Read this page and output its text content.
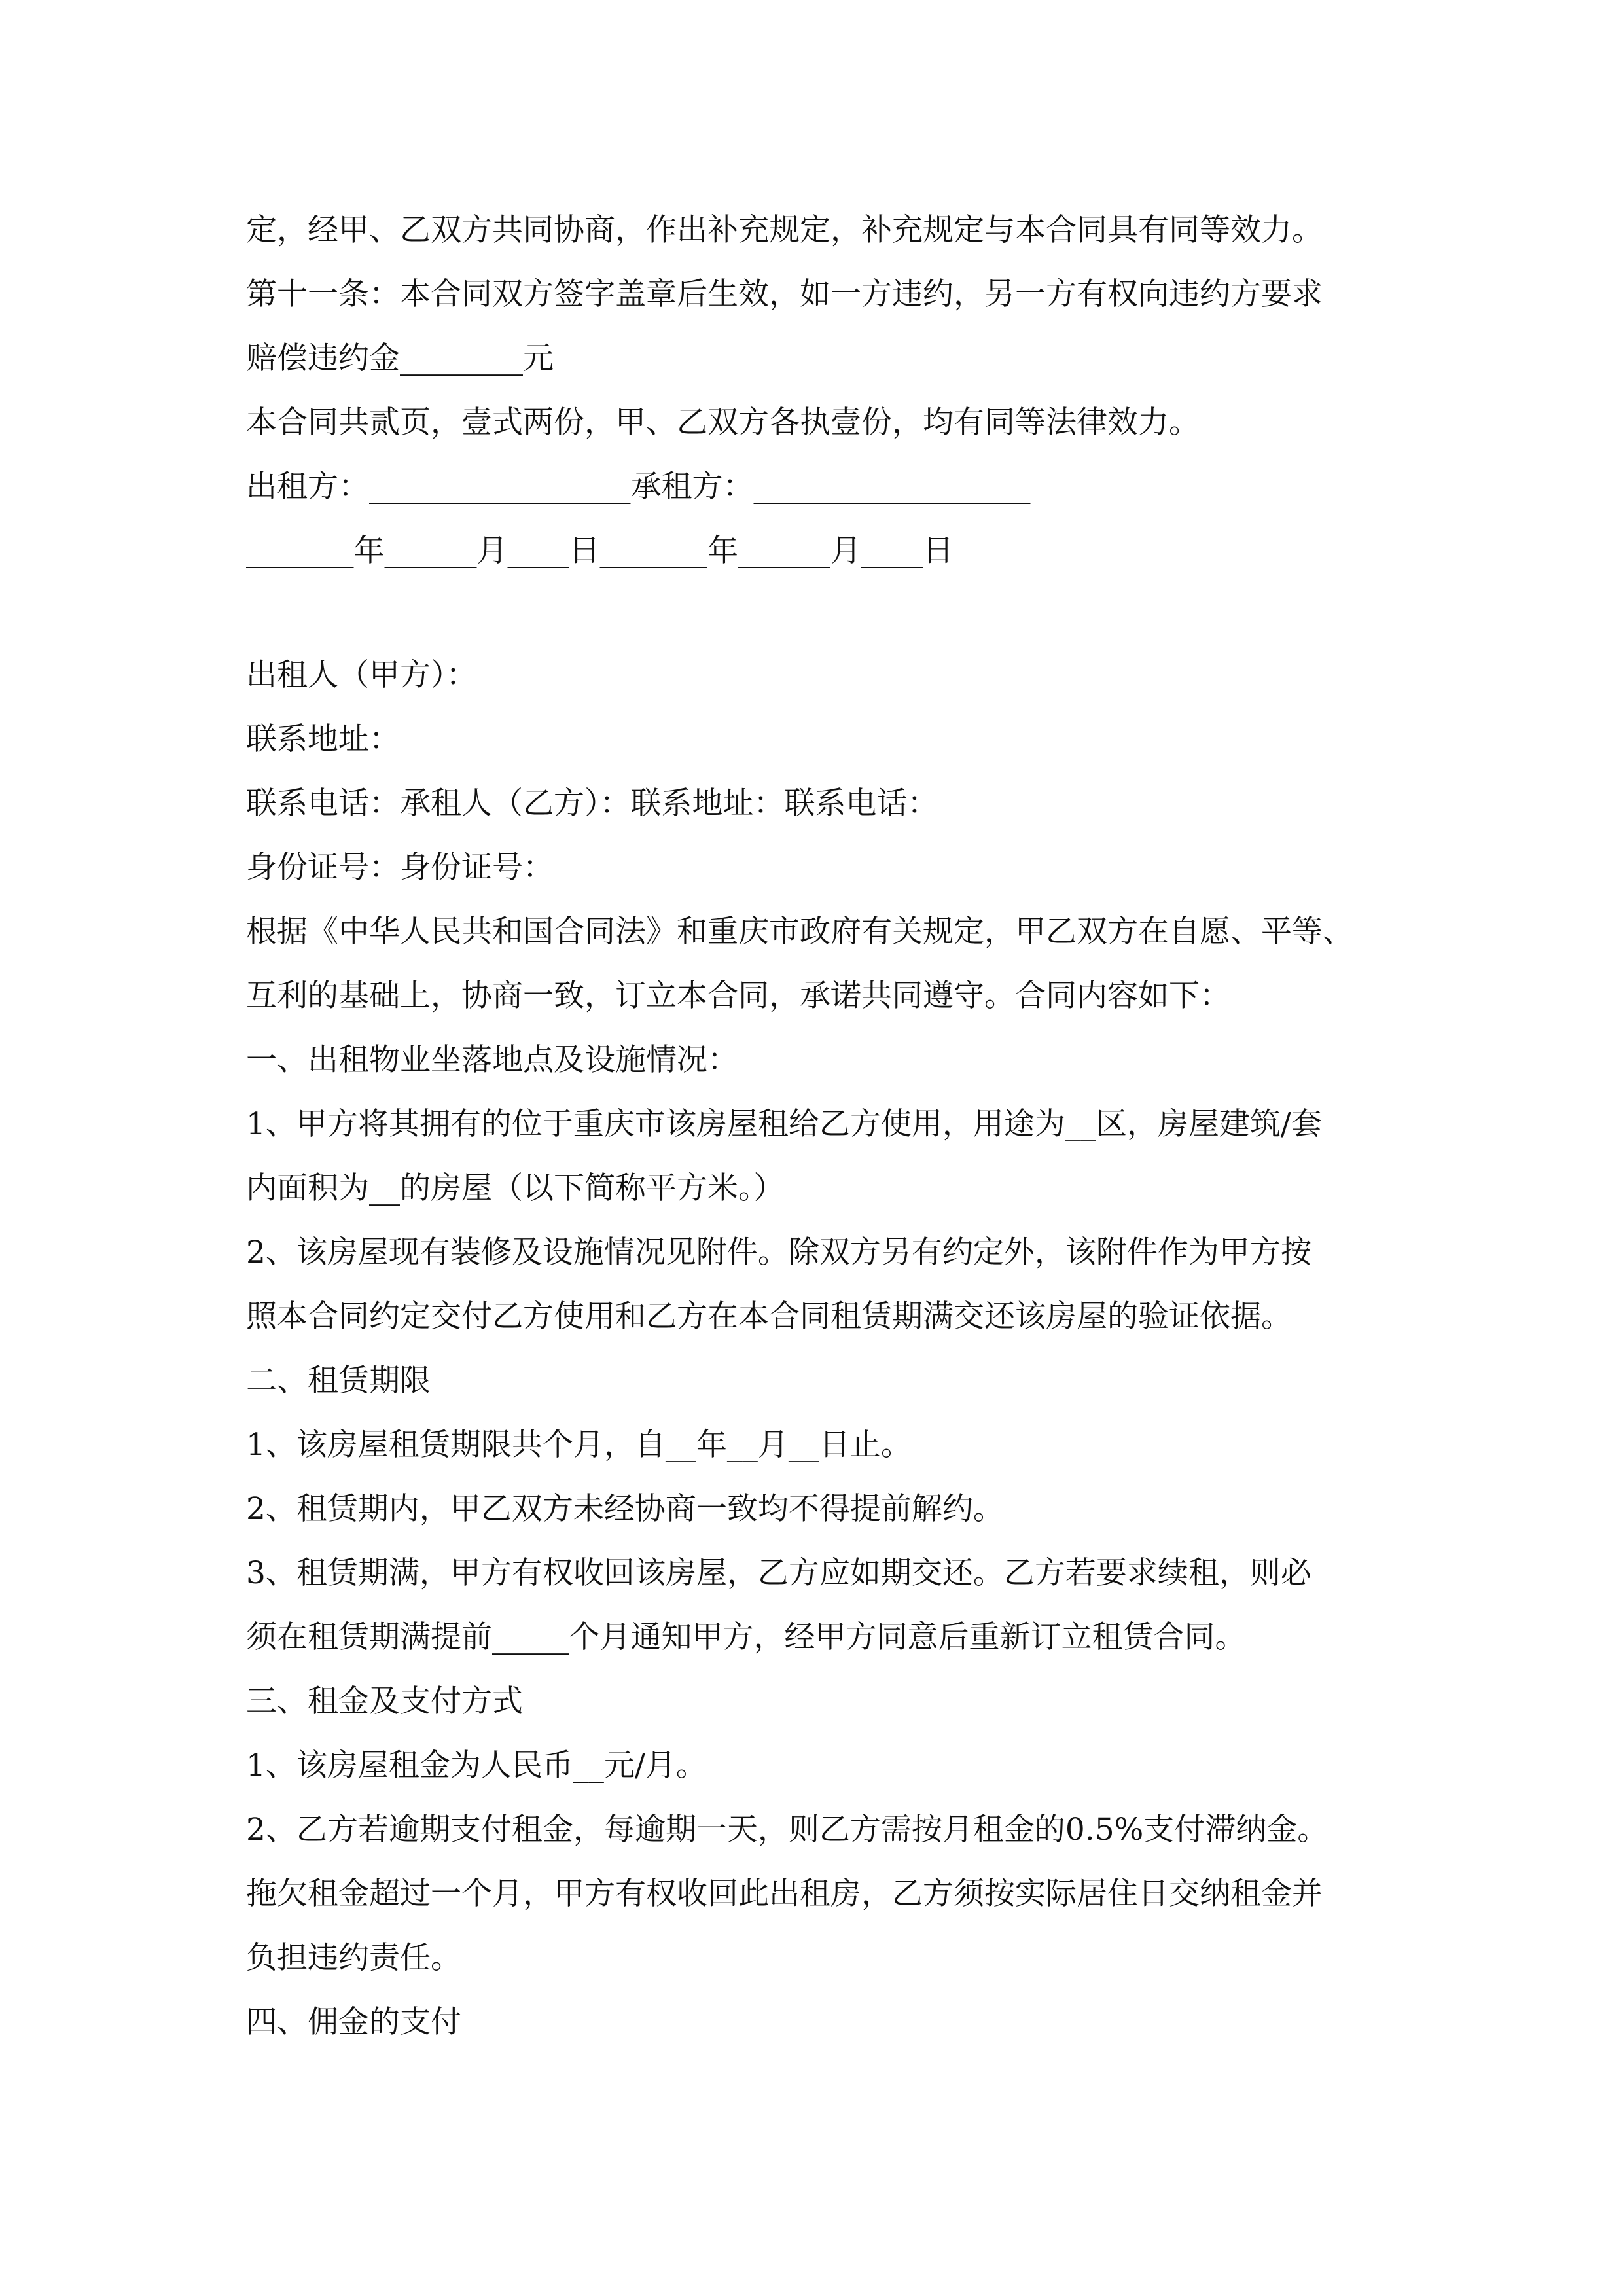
定，经甲、乙双方共同协商，作出补充规定，补充规定与本合同具有同等效力。
第十一条：本合同双方签字盖章后生效，如一方违约，另一方有权向违约方要求
赔偿违约金________元
本合同共贰页，壹式两份，甲、乙双方各执壹份，均有同等法律效力。
出租方：_________________承租方：__________________
_______年______月____日_______年______月____日
出租人（甲方）：
联系地址：
联系电话：承租人（乙方）：联系地址：联系电话：
身份证号：身份证号：
根据《中华人民共和国合同法》和重庆市政府有关规定，甲乙双方在自愿、平等、
互利的基础上，协商一致，订立本合同，承诺共同遵守。合同内容如下：
一、出租物业坐落地点及设施情况：
1、甲方将其拥有的位于重庆市该房屋租给乙方使用，用途为__区，房屋建筑/套
内面积为__的房屋（以下简称平方米。）
2、该房屋现有装修及设施情况见附件。除双方另有约定外，该附件作为甲方按
照本合同约定交付乙方使用和乙方在本合同租赁期满交还该房屋的验证依据。
二、租赁期限
1、该房屋租赁期限共个月，自__年__月__日止。
2、租赁期内，甲乙双方未经协商一致均不得提前解约。
3、租赁期满，甲方有权收回该房屋，乙方应如期交还。乙方若要求续租，则必
须在租赁期满提前_____个月通知甲方，经甲方同意后重新订立租赁合同。
三、租金及支付方式
1、该房屋租金为人民币__元/月。
2、乙方若逾期支付租金，每逾期一天，则乙方需按月租金的0.5%支付滞纳金。
拖欠租金超过一个月，甲方有权收回此出租房，乙方须按实际居住日交纳租金并
负担违约责任。
四、佣金的支付
